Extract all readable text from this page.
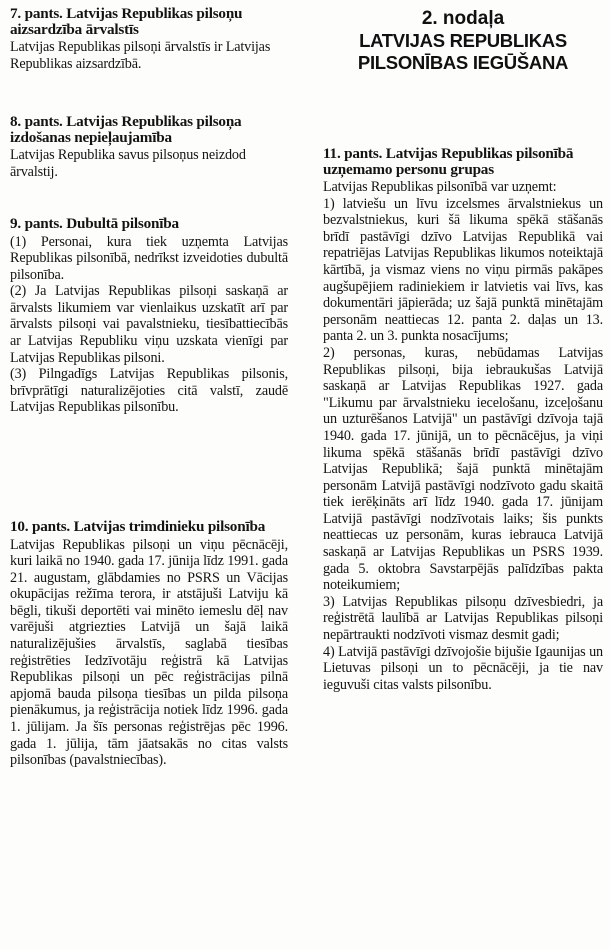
7. pants. Latvijas Republikas pilsoņu aizsardzība ārvalstīs

Latvijas Republikas pilsoņi ārvalstīs ir Latvijas Republikas aizsardzībā.

8. pants. Latvijas Republikas pilsoņa izdošanas nepieļaujamība

Latvijas Republika savus pilsoņus neizdod ārvalstij.

9. pants. Dubultā pilsonība

(1) Personai, kura tiek uzņemta Latvijas Republikas pilsonībā, nedrīkst izveidoties dubultā pilsonība.

(2) Ja Latvijas Republikas pilsoņi saskaņā ar ārvalsts likumiem var vienlaikus uzskatīt arī par ārvalsts pilsoņi vai pavalstnieku, tiesībattiecībās ar Latvijas Republiku viņu uzskata vienīgi par Latvijas Republikas pilsoni.

(3) Pilngadīgs Latvijas Republikas pilsonis, brīvprātīgi naturalizējoties citā valstī, zaudē Latvijas Republikas pilsonību.

10. pants. Latvijas trimdinieku pilsonība

Latvijas Republikas pilsoņi un viņu pēcnācēji, kuri laikā no 1940. gada 17. jūnija līdz 1991. gada 21. augustam, glābdamies no PSRS un Vācijas okupācijas režīma terora, ir atstājuši Latviju kā bēgli, tikuši deportēti vai minēto iemeslu dēļ nav varējuši atgriezties Latvijā un šajā laikā naturalizējušies ārvalstīs, saglabā tiesības reģistrēties Iedzīvotāju reģistrā kā Latvijas Republikas pilsoņi un pēc reģistrācijas pilnā apjomā bauda pilsoņa tiesības un pilda pilsoņa pienākumus, ja reģistrācija notiek līdz 1996. gada 1. jūlijam. Ja šīs personas reģistrējas pēc 1996. gada 1. jūlija, tām jāatsakās no citas valsts pilsonības (pavalstniecības).

2. nodaļa
LATVIJAS REPUBLIKAS
PILSONĪBAS IEGŪŠANA

11. pants. Latvijas Republikas pilsonībā uzņemamo personu grupas

Latvijas Republikas pilsonībā var uzņemt:

1) latviešu un līvu izcelsmes ārvalstniekus un bezvalstniekus, kuri šā likuma spēkā stāšanās brīdī pastāvīgi dzīvo Latvijas Republikā vai repatriējas Latvijas Republikas likumos noteiktajā kārtībā, ja vismaz viens no viņu pirmās pakāpes augšupējiem radiniekiem ir latvietis vai līvs, kas dokumentāri jāpierāda; uz šajā punktā minētajām personām neattiecas 12. panta 2. daļas un 13. panta 2. un 3. punkta nosacījums;

2) personas, kuras, nebūdamas Latvijas Republikas pilsoņi, bija iebraukušas Latvijā saskaņā ar Latvijas Republikas 1927. gada "Likumu par ārvalstnieku iecelošanu, izceļošanu un uzturēšanos Latvijā" un pastāvīgi dzīvoja tajā 1940. gada 17. jūnijā, un to pēcnācējus, ja viņi likuma spēkā stāšanās brīdī pastāvīgi dzīvo Latvijas Republikā; šajā punktā minētajām personām Latvijā pastāvīgi nodzīvoto gadu skaitā tiek ierēķināts arī līdz 1940. gada 17. jūnijam Latvijā pastāvīgi nodzīvotais laiks; šis punkts neattiecas uz personām, kuras iebrauca Latvijā saskaņā ar Latvijas Republikas un PSRS 1939. gada 5. oktobra Savstarpējās palīdzības pakta noteikumiem;

3) Latvijas Republikas pilsoņu dzīvesbiedri, ja reģistrētā laulībā ar Latvijas Republikas pilsoņi nepārtraukti nodzīvoti vismaz desmit gadi;

4) Latvijā pastāvīgi dzīvojošie bijušie Igaunijas un Lietuvas pilsoņi un to pēcnācēji, ja tie nav ieguvuši citas valsts pilsonību.
